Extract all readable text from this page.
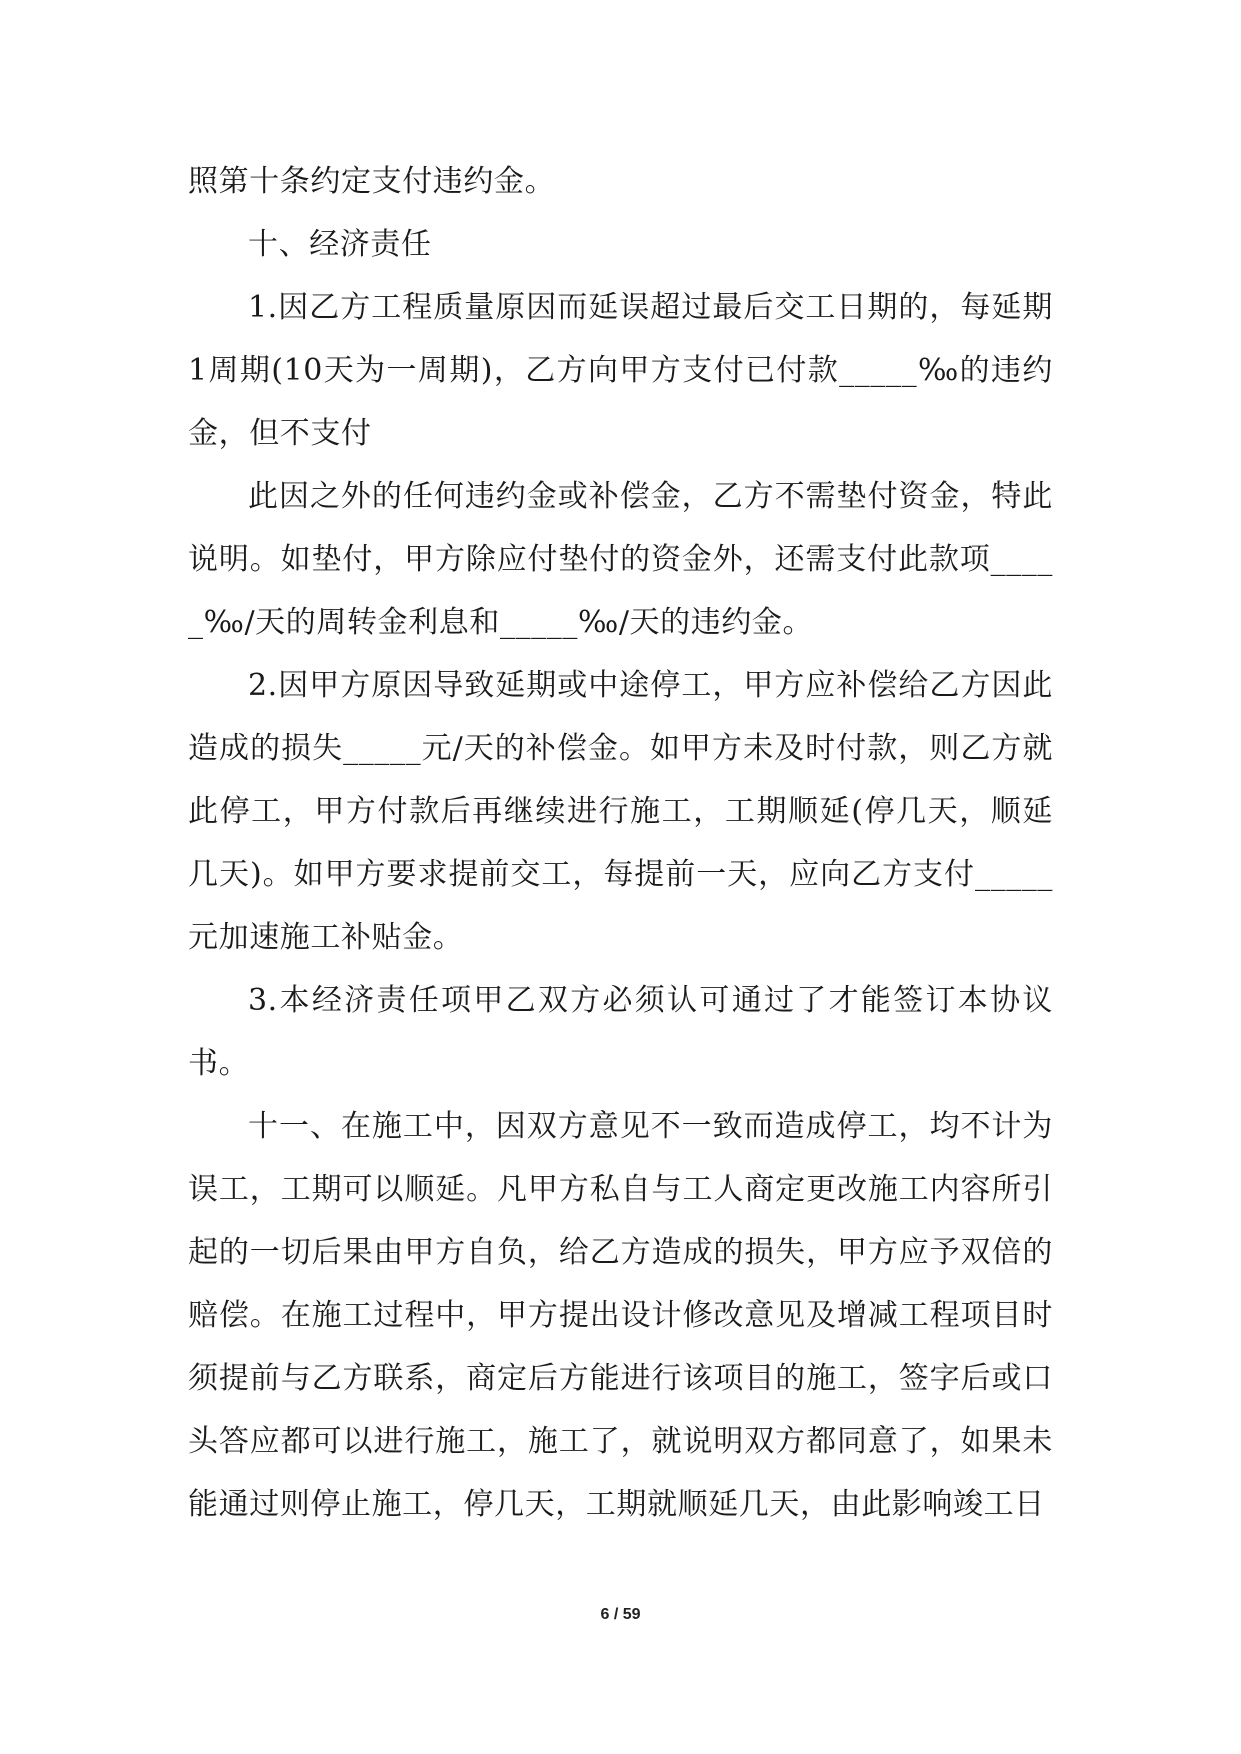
照第十条约定支付违约金。

十、经济责任

1.因乙方工程质量原因而延误超过最后交工日期的，每延期1周期(10天为一周期)，乙方向甲方支付已付款_____‰的违约金，但不支付

此因之外的任何违约金或补偿金，乙方不需垫付资金，特此说明。如垫付，甲方除应付垫付的资金外，还需支付此款项_____‰/天的周转金利息和_____‰/天的违约金。

2.因甲方原因导致延期或中途停工，甲方应补偿给乙方因此造成的损失_____元/天的补偿金。如甲方未及时付款，则乙方就此停工，甲方付款后再继续进行施工，工期顺延(停几天，顺延几天)。如甲方要求提前交工，每提前一天，应向乙方支付_____元加速施工补贴金。

3.本经济责任项甲乙双方必须认可通过了才能签订本协议书。

十一、在施工中，因双方意见不一致而造成停工，均不计为误工，工期可以顺延。凡甲方私自与工人商定更改施工内容所引起的一切后果由甲方自负，给乙方造成的损失，甲方应予双倍的赔偿。在施工过程中，甲方提出设计修改意见及增减工程项目时须提前与乙方联系，商定后方能进行该项目的施工，签字后或口头答应都可以进行施工，施工了，就说明双方都同意了，如果未能通过则停止施工，停几天，工期就顺延几天，由此影响竣工日

6 / 59
